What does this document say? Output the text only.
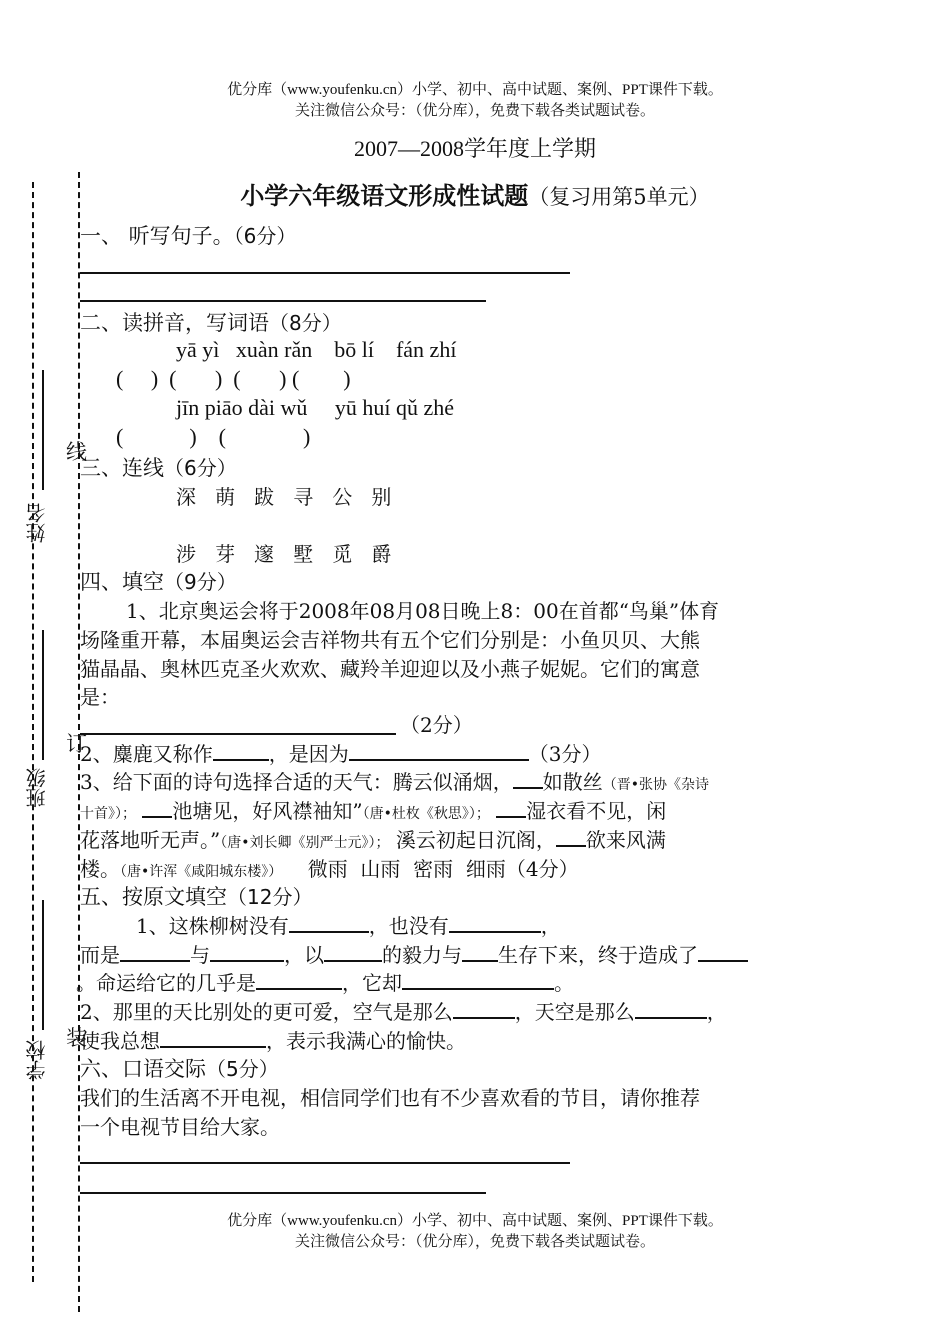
优分库（www.youfenku.cn）小学、初中、高中试题、案例、PPT课件下载。
关注微信公众号：（优分库），免费下载各类试题试卷。
2007—2008学年度上学期
小学六年级语文形成性试题（复习用第5单元）
姓名
班级
学校
线
订
装
一、 听写句子。（6分）
二、读拼音，写词语（8分）
yā yì   xuàn rǎn    bō lí    fán zhí
(     )  (       )  (       ) (        )
jīn piāo dài wǔ     yū huí qǔ zhé
(            )    (              )
三、连线（6分）
深   萌   跋   寻   公   别
涉   芽   邃   墅   觅   爵
四、填空（9分）
1、北京奥运会将于2008年08月08日晚上8：00在首都“鸟巢”体育
场隆重开幕，本届奥运会吉祥物共有五个它们分别是：小鱼贝贝、大熊
猫晶晶、奥林匹克圣火欢欢、藏羚羊迎迎以及小燕子妮妮。它们的寓意
是：
（2分）
2、麋鹿又称作	，是因为	（3分）
3、给下面的诗句选择合适的天气：腾云似涌烟， 如散丝（晋•张协《杂诗
十首》）； 池塘见，好风襟袖知”（唐•杜枚《秋思》）； 湿衣看不见，闲
花落地听无声。”（唐•刘长卿《别严士元》）； 溪云初起日沉阁， 欲来风满
楼。（唐•许浑《咸阳城东楼》） 微雨  山雨  密雨  细雨（4分）
五、按原文填空（12分）
1、这株柳树没有	，也没有	，
而是	与	，以	的毅力与 生存下来，终于造成了
。命运给它的几乎是	，它却	。
2、那里的天比别处的更可爱，空气是那么	，天空是那么	，
使我总想	，表示我满心的愉快。
六、口语交际（5分）
我们的生活离不开电视，相信同学们也有不少喜欢看的节目，请你推荐
一个电视节目给大家。
优分库（www.youfenku.cn）小学、初中、高中试题、案例、PPT课件下载。
关注微信公众号：（优分库），免费下载各类试题试卷。
